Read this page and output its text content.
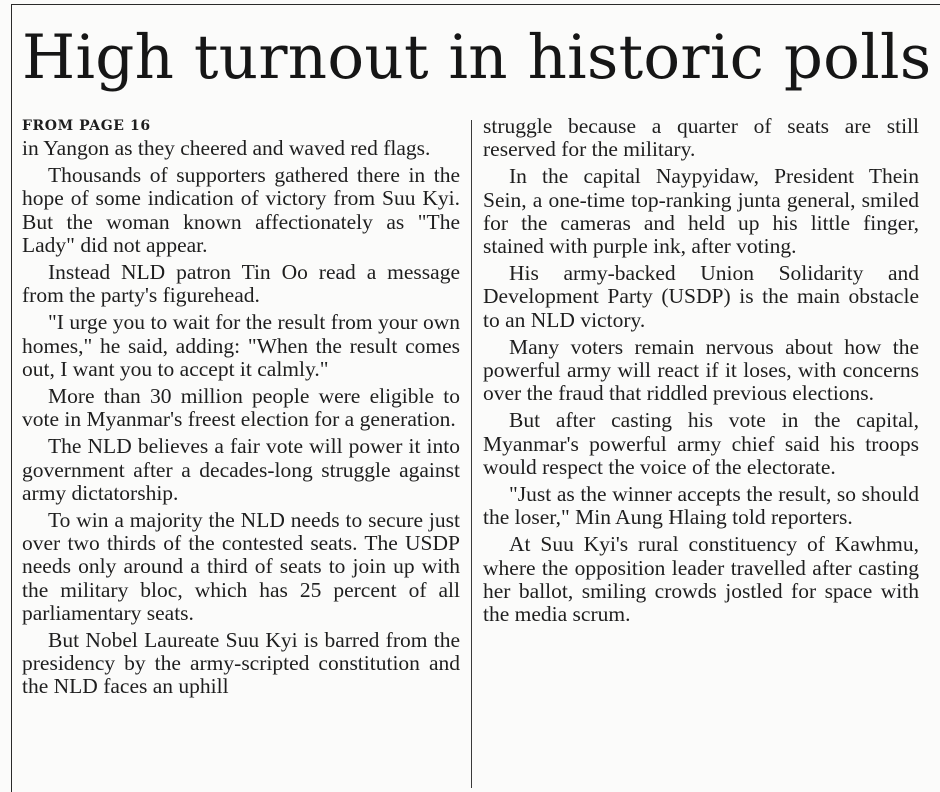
High turnout in historic polls

FROM PAGE 16

in Yangon as they cheered and waved red flags.

Thousands of supporters gathered there in the hope of some indication of victory from Suu Kyi. But the woman known affectionately as "The Lady" did not appear.

Instead NLD patron Tin Oo read a message from the party's figurehead.

"I urge you to wait for the result from your own homes," he said, adding: "When the result comes out, I want you to accept it calmly."

More than 30 million people were eligible to vote in Myanmar's freest election for a generation.

The NLD believes a fair vote will power it into government after a decades-long struggle against army dictatorship.

To win a majority the NLD needs to secure just over two thirds of the contested seats. The USDP needs only around a third of seats to join up with the military bloc, which has 25 percent of all parliamentary seats.

But Nobel Laureate Suu Kyi is barred from the presidency by the army-scripted constitution and the NLD faces an uphill

struggle because a quarter of seats are still reserved for the military.

In the capital Naypyidaw, President Thein Sein, a one-time top-ranking junta general, smiled for the cameras and held up his little finger, stained with purple ink, after voting.

His army-backed Union Solidarity and Development Party (USDP) is the main obstacle to an NLD victory.

Many voters remain nervous about how the powerful army will react if it loses, with concerns over the fraud that riddled previous elections.

But after casting his vote in the capital, Myanmar's powerful army chief said his troops would respect the voice of the electorate.

"Just as the winner accepts the result, so should the loser," Min Aung Hlaing told reporters.

At Suu Kyi's rural constituency of Kawhmu, where the opposition leader travelled after casting her ballot, smiling crowds jostled for space with the media scrum.
